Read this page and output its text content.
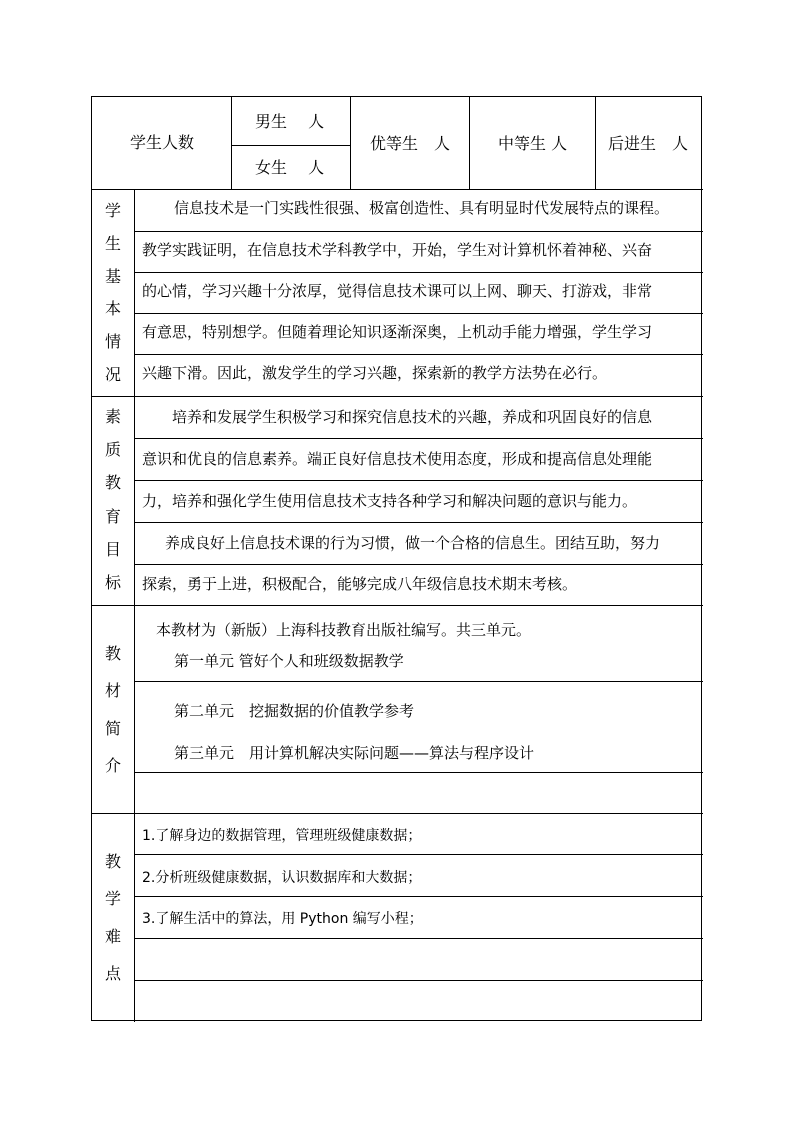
学生人数
男生　 人
女生　 人
优等生　人	中等生 人	后进生　人
学
生
基
本
情
况
信息技术是一门实践性很强、极富创造性、具有明显时代发展特点的课程。
教学实践证明，在信息技术学科教学中，开始，学生对计算机怀着神秘、兴奋
的心情，学习兴趣十分浓厚，觉得信息技术课可以上网、聊天、打游戏，非常
有意思，特别想学。但随着理论知识逐渐深奥，上机动手能力增强，学生学习
兴趣下滑。因此，激发学生的学习兴趣，探索新的教学方法势在必行。
素
质
教
育
目
标
培养和发展学生积极学习和探究信息技术的兴趣，养成和巩固良好的信息
意识和优良的信息素养。端正良好信息技术使用态度，形成和提高信息处理能
力，培养和强化学生使用信息技术支持各种学习和解决问题的意识与能力。
养成良好上信息技术课的行为习惯，做一个合格的信息生。团结互助，努力
探索，勇于上进，积极配合，能够完成八年级信息技术期末考核。
教
材
简
介
本教材为（新版）上海科技教育出版社编写。共三单元。
第一单元 管好个人和班级数据教学
第二单元　挖掘数据的价值教学参考
第三单元　用计算机解决实际问题——算法与程序设计
教
学
难
点
1.了解身边的数据管理，管理班级健康数据；
2.分析班级健康数据，认识数据库和大数据；
3.了解生活中的算法，用 Python 编写小程；
